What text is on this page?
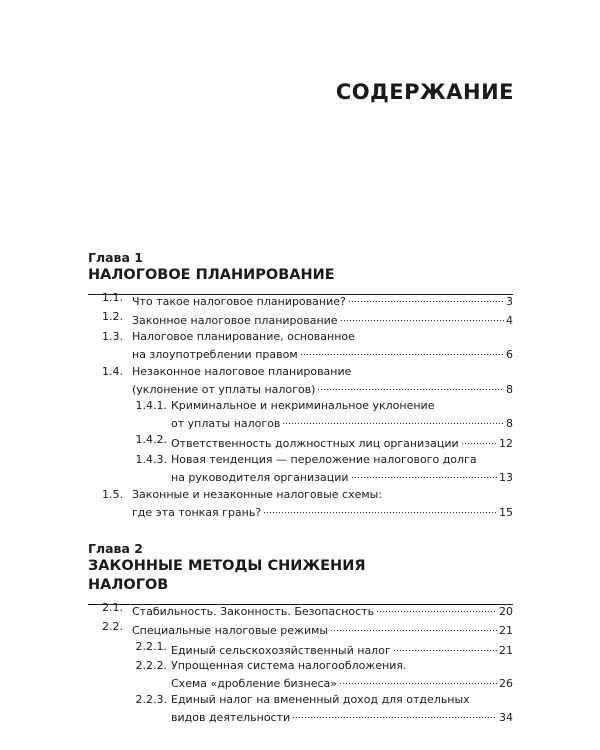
СОДЕРЖАНИЕ
Глава 1
НАЛОГОВОЕ ПЛАНИРОВАНИЕ
Глава 2
ЗАКОННЫЕ МЕТОДЫ СНИЖЕНИЯ
НАЛОГОВ
1.1. Что такое налоговое планирование?	3
1.2. Законное налоговое планирование	4
1.3. Налоговое планирование, основанное
на злоупотреблении правом	6
1.4. Незаконное налоговое планирование
(уклонение от уплаты налогов)	8
1.4.1. Криминальное и некриминальное уклонение
от уплаты налогов	8
1.4.2. Ответственность должностных лиц организации	12
1.4.3. Новая тенденция — переложение налогового долга
на руководителя организации	13
1.5. Законные и незаконные налоговые схемы:
где эта тонкая грань?	15
2.1. Стабильность. Законность. Безопасность	20
2.2. Специальные налоговые режимы	21
2.2.1. Единый сельскохозяйственный налог	21
2.2.2. Упрощенная система налогообложения.
Схема «дробление бизнеса»	26
2.2.3. Единый налог на вмененный доход для отдельных
видов деятельности	34
